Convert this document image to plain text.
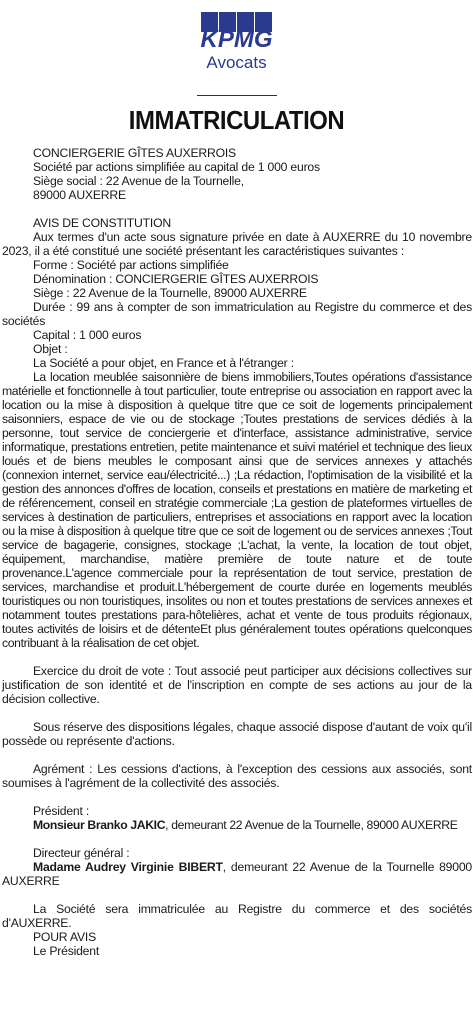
KPMG
Avocats
IMMATRICULATION

CONCIERGERIE GÎTES AUXERROIS

Société par actions simplifiée au capital de 1 000 euros

Siège social : 22 Avenue de la Tournelle,

89000 AUXERRE

AVIS DE CONSTITUTION

Aux termes d'un acte sous signature privée en date à AUXERRE du 10 novembre 2023, il a été constitué une société présentant les caractéristiques suivantes :

Forme : Société par actions simplifiée

Dénomination : CONCIERGERIE GÎTES AUXERROIS

Siège : 22 Avenue de la Tournelle, 89000 AUXERRE

Durée : 99 ans à compter de son immatriculation au Registre du commerce et des sociétés

Capital : 1 000 euros

Objet :

La Société a pour objet, en France et à l'étranger :

La location meublée saisonnière de biens immobiliers,Toutes opérations d'assistance matérielle et fonctionnelle à tout particulier, toute entreprise ou association en rapport avec la location ou la mise à disposition à quelque titre que ce soit de logements principalement saisonniers, espace de vie ou de stockage ;Toutes prestations de services dédiés à la personne, tout service de conciergerie et d'interface, assistance administrative, service informatique, prestations entretien, petite maintenance et suivi matériel et technique des lieux loués et de biens meubles le composant ainsi que de services annexes y attachés (connexion internet, service eau/électricité...) ;La rédaction, l'optimisation de la visibilité et la gestion des annonces d'offres de location, conseils et prestations en matière de marketing et de référencement, conseil en stratégie commerciale ;La gestion de plateformes virtuelles de services à destination de particuliers, entreprises et associations en rapport avec la location ou la mise à disposition à quelque titre que ce soit de logement ou de services annexes ;Tout service de bagagerie, consignes, stockage ;L'achat, la vente, la location de tout objet, équipement, marchandise, matière première de toute nature et de toute provenance.L'agence commerciale pour la représentation de tout service, prestation de services, marchandise et produit.L'hébergement de courte durée en logements meublés touristiques ou non touristiques, insolites ou non et toutes prestations de services annexes et notamment toutes prestations para-hôtelières, achat et vente de tous produits régionaux, toutes activités de loisirs et de détenteEt plus généralement toutes opérations quelconques contribuant à la réalisation de cet objet.

Exercice du droit de vote : Tout associé peut participer aux décisions collectives sur justification de son identité et de l'inscription en compte de ses actions au jour de la décision collective.

Sous réserve des dispositions légales, chaque associé dispose d'autant de voix qu'il possède ou représente d'actions.

Agrément : Les cessions d'actions, à l'exception des cessions aux associés, sont soumises à l'agrément de la collectivité des associés.

Président :

Monsieur Branko JAKIC, demeurant 22 Avenue de la Tournelle, 89000 AUXERRE

Directeur général :

Madame Audrey Virginie BIBERT, demeurant 22 Avenue de la Tournelle 89000 AUXERRE

La Société sera immatriculée au Registre du commerce et des sociétés d'AUXERRE.

POUR AVIS

Le Président
